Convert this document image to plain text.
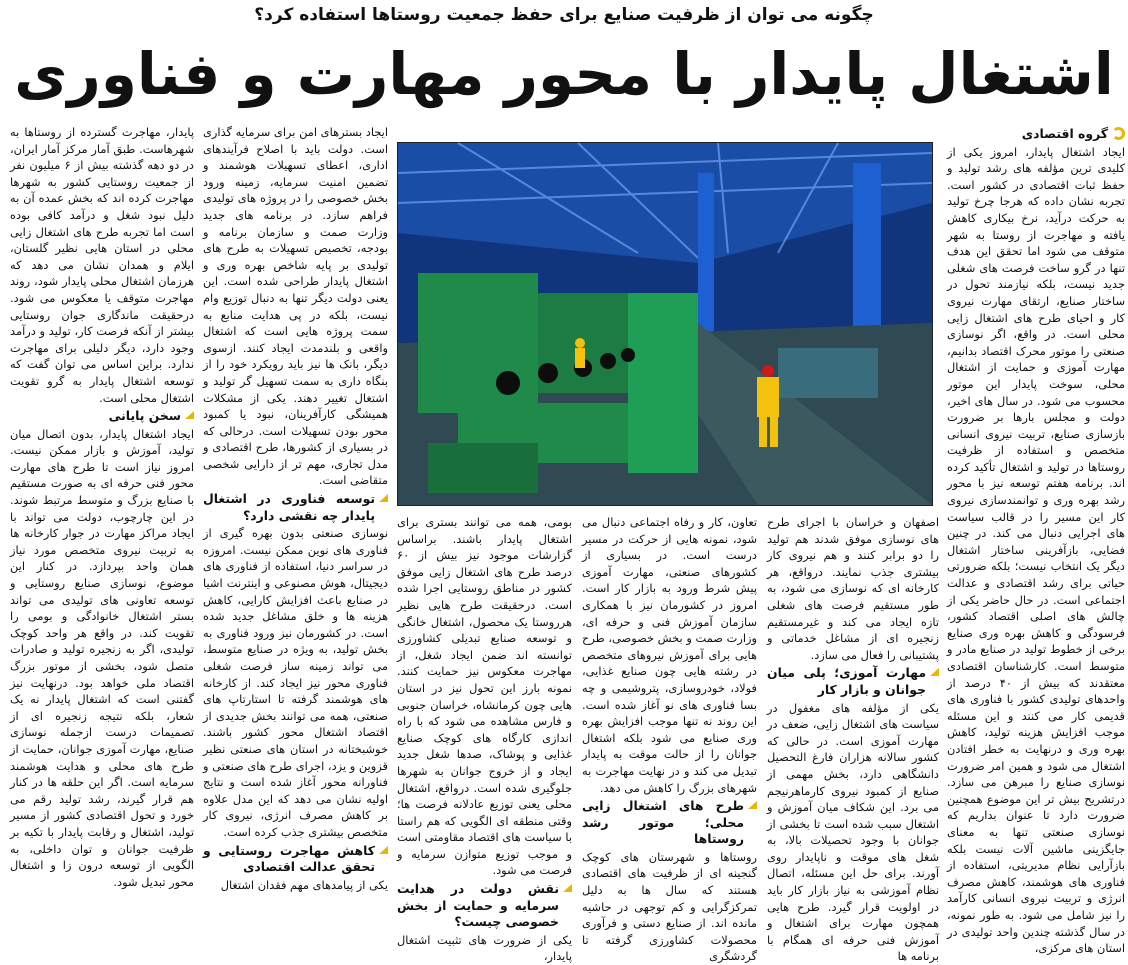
چگونه می توان از ظرفیت صنایع برای حفظ جمعیت روستاها استفاده کرد؟
اشتغال پایدار با محور مهارت و فناوری
گروه اقتصادی

ایجاد اشتغال پایدار، امروز یکی از کلیدی ترین مؤلفه های رشد تولید و حفظ ثبات اقتصادی در کشور است. تجربه نشان داده که هرجا چرخ تولید به حرکت درآید، نرخ بیکاری کاهش یافته و مهاجرت از روستا به شهر متوقف می شود اما تحقق این هدف تنها در گرو ساخت فرصت های شغلی جدید نیست، بلکه نیازمند تحول در ساختار صنایع، ارتقای مهارت نیروی کار و احیای طرح های اشتغال زایی محلی است. در واقع، اگر نوسازی صنعتی را موتور محرک اقتصاد بدانیم، مهارت آموزی و حمایت از اشتغال محلی، سوخت پایدار این موتور محسوب می شود. در سال های اخیر، دولت و مجلس بارها بر ضرورت بازسازی صنایع، تربیت نیروی انسانی متخصص و استفاده از ظرفیت روستاها در تولید و اشتغال تأکید کرده اند. برنامه هفتم توسعه نیز با محور رشد بهره وری و توانمندسازی نیروی کار این مسیر را در قالب سیاست های اجرایی دنبال می کند. در چنین فضایی، بازآفرینی ساختار اشتغال دیگر یک انتخاب نیست؛ بلکه ضرورتی حیاتی برای رشد اقتصادی و عدالت اجتماعی است. در حال حاضر یکی از چالش های اصلی اقتصاد کشور، فرسودگی و کاهش بهره وری صنایع برخی از خطوط تولید در صنایع مادر و متوسط است. کارشناسان اقتصادی معتقدند که بیش از ۴۰ درصد از واحدهای تولیدی کشور با فناوری های قدیمی کار می کنند و این مسئله موجب افزایش هزینه تولید، کاهش بهره وری و درنهایت به خطر افتادن اشتغال می شود و همین امر ضرورت نوسازی صنایع را مبرهن می سازد. درتشریح بیش تر این موضوع همچنین ضرورت دارد تا عنوان بداریم که نوسازی صنعتی تنها به معنای جایگزینی ماشین آلات نیست بلکه بازآرایی نظام مدیریتی، استفاده از فناوری های هوشمند، کاهش مصرف انرژی و تربیت نیروی انسانی کارآمد را نیز شامل می شود. به طور نمونه، در سال گذشته چندین واحد تولیدی در استان های مرکزی،

اصفهان و خراسان با اجرای طرح های نوسازی موفق شدند هم تولید را دو برابر کنند و هم نیروی کار بیشتری جذب نمایند. درواقع، هر کارخانه ای که نوسازی می شود، به طور مستقیم فرصت های شغلی تازه ایجاد می کند و غیرمستقیم زنجیره ای از مشاغل خدماتی و پشتیبانی را فعال می سازد.

مهارت آموزی؛ پلی میان جوانان و بازار کار

یکی از مؤلفه های مغفول در سیاست های اشتغال زایی، ضعف در مهارت آموزی است. در حالی که کشور سالانه هزاران فارغ التحصیل دانشگاهی دارد، بخش مهمی از صنایع از کمبود نیروی کارماهرنیجم می برد. این شکاف میان آموزش و اشتغال سبب شده است تا بخشی از جوانان با وجود تحصیلات بالا، به شغل های موقت و ناپایدار روی آورند. برای حل این مسئله، اتصال نظام آموزشی به نیاز بازار کار باید در اولویت قرار گیرد. طرح هایی همچون مهارت برای اشتغال و آموزش فنی حرفه ای همگام با برنامه ها

تعاون، کار و رفاه اجتماعی دنبال می شود، نمونه هایی از حرکت در مسیر درست است. در بسیاری از کشورهای صنعتی، مهارت آموزی پیش شرط ورود به بازار کار است. امروز در کشورمان نیز با همکاری سازمان آموزش فنی و حرفه ای، وزارت صمت و بخش خصوصی، طرح هایی برای آموزش نیروهای متخصص در رشته هایی چون صنایع غذایی، فولاد، خودروسازی، پتروشیمی و چه بسا فناوری های نو آغاز شده است. این روند نه تنها موجب افزایش بهره وری صنایع می شود بلکه اشتغال جوانان را از حالت موقت به پایدار تبدیل می کند و در نهایت مهاجرت به شهرهای بزرگ را کاهش می دهد.

طرح های اشتغال زایی محلی؛ موتور رشد روستاها

روستاها و شهرستان های کوچک گنجینه ای از ظرفیت های اقتصادی هستند که سال ها به دلیل تمرکزگرایی و کم توجهی در حاشیه مانده اند. از صنایع دستی و فرآوری محصولات کشاورزی گرفته تا گردشگری

بومی، همه می توانند بستری برای اشتغال پایدار باشند. براساس گزارشات موجود نیز بیش از ۶۰ درصد طرح های اشتغال زایی موفق کشور در مناطق روستایی اجرا شده است. درحقیقت طرح هایی نظیر هرروستا یک محصول، اشتغال خانگی و توسعه صنایع تبدیلی کشاورزی توانسته اند ضمن ایجاد شغل، از مهاجرت معکوس نیز حمایت کنند. نمونه بارز این تحول نیز در استان هایی چون کرمانشاه، خراسان جنوبی و فارس مشاهده می شود که با راه اندازی کارگاه های کوچک صنایع غذایی و پوشاک، صدها شغل جدید ایجاد و از خروج جوانان به شهرها جلوگیری شده است. درواقع، اشتغال محلی یعنی توزیع عادلانه فرصت ها؛ وقتی منطقه ای الگویی که هم راستا با سیاست های اقتصاد مقاومتی است و موجب توزیع متوازن سرمایه و فرصت می شود.

نقش دولت در هدایت سرمایه و حمایت از بخش خصوصی چیست؟

یکی از ضرورت های تثبیت اشتغال پایدار،

ایجاد بسترهای امن برای سرمایه گذاری است. دولت باید با اصلاح فرآیندهای اداری، اعطای تسهیلات هوشمند و تضمین امنیت سرمایه، زمینه ورود بخش خصوصی را در پروژه های تولیدی فراهم سازد. در برنامه های جدید وزارت صمت و سازمان برنامه و بودجه، تخصیص تسهیلات به طرح های تولیدی بر پایه شاخص بهره وری و اشتغال پایدار طراحی شده است. این یعنی دولت دیگر تنها به دنبال توزیع وام نیست، بلکه در پی هدایت منابع به سمت پروژه هایی است که اشتغال واقعی و بلندمدت ایجاد کنند. ازسوی دیگر، بانک ها نیز باید رویکرد خود را از بنگاه داری به سمت تسهیل گر تولید و اشتغال تغییر دهند. یکی از مشکلات همیشگی کارآفرینان، نبود یا کمبود محور بودن تسهیلات است. درحالی که در بسیاری از کشورها، طرح اقتصادی و مدل تجاری، مهم تر از دارایی شخصی متقاضی است.

توسعه فناوری در اشتغال پایدار چه نقشی دارد؟

نوسازی صنعتی بدون بهره گیری از فناوری های نوین ممکن نیست. امروزه در سراسر دنیا، استفاده از فناوری های دیجیتال، هوش مصنوعی و اینترنت اشیا در صنایع باعث افزایش کارایی، کاهش هزینه ها و خلق مشاغل جدید شده است. در کشورمان نیز ورود فناوری به بخش تولید، به ویژه در صنایع متوسط، می تواند زمینه ساز فرصت شغلی فناوری محور نیز ایجاد کند. از کارخانه های هوشمند گرفته تا استارتاپ های صنعتی، همه می توانند بخش جدیدی از اقتصاد اشتغال محور کشور باشند. خوشبختانه در استان های صنعتی نظیر قزوین و یزد، اجرای طرح های صنعتی و فناورانه محور آغاز شده است و نتایج اولیه نشان می دهد که این مدل علاوه بر کاهش مصرف انرژی، نیروی کار متخصص بیشتری جذب کرده است.

کاهش مهاجرت روستایی و تحقق عدالت اقتصادی

یکی از پیامدهای مهم فقدان اشتغال

پایدار، مهاجرت گسترده از روستاها به شهرهاست. طبق آمار مرکز آمار ایران، در دو دهه گذشته بیش از ۶ میلیون نفر از جمعیت روستایی کشور به شهرها مهاجرت کرده اند که بخش عمده آن به دلیل نبود شغل و درآمد کافی بوده است اما تجربه طرح های اشتغال زایی محلی در استان هایی نظیر گلستان، ایلام و همدان نشان می دهد که هرزمان اشتغال محلی پایدار شود، روند مهاجرت متوقف یا معکوس می شود. درحقیقت ماندگاری جوان روستایی بیشتر از آنکه فرصت کار، تولید و درآمد وجود دارد، دیگر دلیلی برای مهاجرت ندارد. براین اساس می توان گفت که توسعه اشتغال پایدار به گرو تقویت اشتغال محلی است.

سخن پایانی

ایجاد اشتغال پایدار، بدون اتصال میان تولید، آموزش و بازار ممکن نیست. امروز نیاز است تا طرح های مهارت محور فنی حرفه ای به صورت مستقیم با صنایع بزرگ و متوسط مرتبط شوند. در این چارچوب، دولت می تواند با ایجاد مراکز مهارت در جوار کارخانه ها به تربیت نیروی متخصص مورد نیاز همان واحد بپردازد. در کنار این موضوع، نوسازی صنایع روستایی و توسعه تعاونی های تولیدی می تواند بستر اشتغال خانوادگی و بومی را تقویت کند. در واقع هر واحد کوچک تولیدی، اگر به زنجیره تولید و صادرات متصل شود، بخشی از موتور بزرگ اقتصاد ملی خواهد بود. درنهایت نیز گفتنی است که اشتغال پایدار نه یک شعار، بلکه نتیجه زنجیره ای از تصمیمات درست ازجمله نوسازی صنایع، مهارت آموزی جوانان، حمایت از طرح های محلی و هدایت هوشمند سرمایه است. اگر این حلقه ها در کنار هم قرار گیرند، رشد تولید رقم می خورد و تحول اقتصادی کشور از مسیر تولید، اشتغال و رقابت پایدار با تکیه بر ظرفیت جوانان و توان داخلی، به الگویی از توسعه درون زا و اشتغال محور تبدیل شود.
